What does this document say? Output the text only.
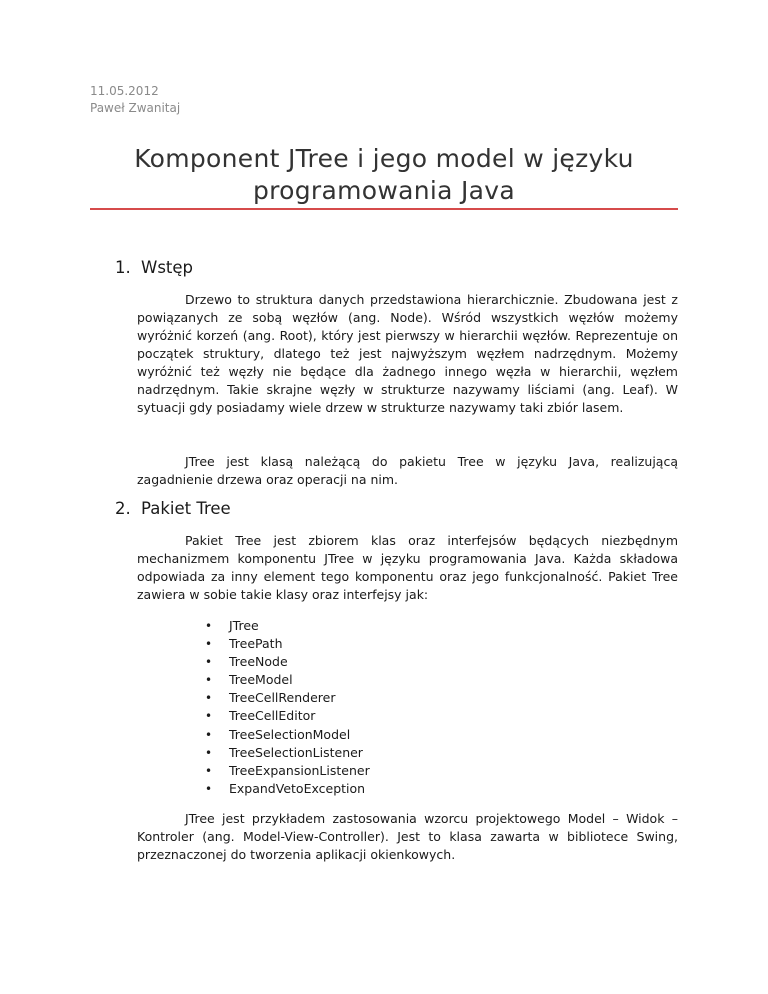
11.05.2012
Paweł Zwanitaj
Komponent JTree i jego model w języku programowania Java
1. Wstęp
Drzewo to struktura danych przedstawiona hierarchicznie. Zbudowana jest z powiązanych ze sobą węzłów (ang. Node). Wśród wszystkich węzłów możemy wyróżnić korzeń (ang. Root), który jest pierwszy w hierarchii węzłów. Reprezentuje on początek struktury, dlatego też jest najwyższym węzłem nadrzędnym. Możemy wyróżnić też węzły nie będące dla żadnego innego węzła w hierarchii, węzłem nadrzędnym. Takie skrajne węzły w strukturze nazywamy liściami (ang. Leaf). W sytuacji gdy posiadamy wiele drzew w strukturze nazywamy taki zbiór lasem.
JTree jest klasą należącą do pakietu Tree w języku Java, realizującą zagadnienie drzewa oraz operacji na nim.
2. Pakiet Tree
Pakiet Tree jest zbiorem klas oraz interfejsów będących niezbędnym mechanizmem komponentu JTree w języku programowania Java. Każda składowa odpowiada za inny element tego komponentu oraz jego funkcjonalność. Pakiet Tree zawiera w sobie takie klasy oraz interfejsy jak:
• JTree
• TreePath
• TreeNode
• TreeModel
• TreeCellRenderer
• TreeCellEditor
• TreeSelectionModel
• TreeSelectionListener
• TreeExpansionListener
• ExpandVetoException
JTree jest przykładem zastosowania wzorcu projektowego Model – Widok – Kontroler (ang. Model-View-Controller). Jest to klasa zawarta w bibliotece Swing, przeznaczonej do tworzenia aplikacji okienkowych.
